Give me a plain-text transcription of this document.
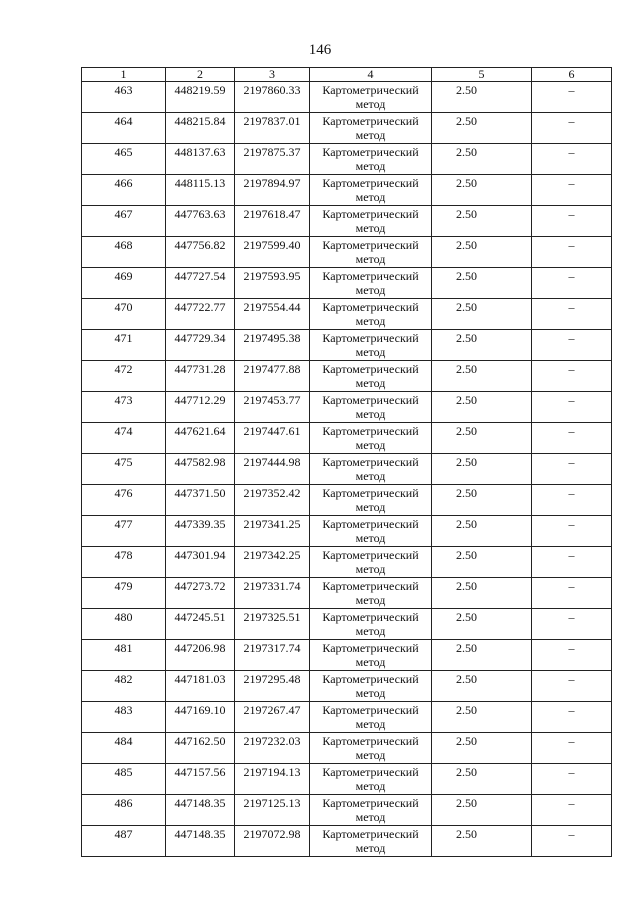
146
1	2	3	4	5	6
463	448219.59	2197860.33	Картометрический метод	2.50	–
464	448215.84	2197837.01	Картометрический метод	2.50	–
465	448137.63	2197875.37	Картометрический метод	2.50	–
466	448115.13	2197894.97	Картометрический метод	2.50	–
467	447763.63	2197618.47	Картометрический метод	2.50	–
468	447756.82	2197599.40	Картометрический метод	2.50	–
469	447727.54	2197593.95	Картометрический метод	2.50	–
470	447722.77	2197554.44	Картометрический метод	2.50	–
471	447729.34	2197495.38	Картометрический метод	2.50	–
472	447731.28	2197477.88	Картометрический метод	2.50	–
473	447712.29	2197453.77	Картометрический метод	2.50	–
474	447621.64	2197447.61	Картометрический метод	2.50	–
475	447582.98	2197444.98	Картометрический метод	2.50	–
476	447371.50	2197352.42	Картометрический метод	2.50	–
477	447339.35	2197341.25	Картометрический метод	2.50	–
478	447301.94	2197342.25	Картометрический метод	2.50	–
479	447273.72	2197331.74	Картометрический метод	2.50	–
480	447245.51	2197325.51	Картометрический метод	2.50	–
481	447206.98	2197317.74	Картометрический метод	2.50	–
482	447181.03	2197295.48	Картометрический метод	2.50	–
483	447169.10	2197267.47	Картометрический метод	2.50	–
484	447162.50	2197232.03	Картометрический метод	2.50	–
485	447157.56	2197194.13	Картометрический метод	2.50	–
486	447148.35	2197125.13	Картометрический метод	2.50	–
487	447148.35	2197072.98	Картометрический метод	2.50	–
